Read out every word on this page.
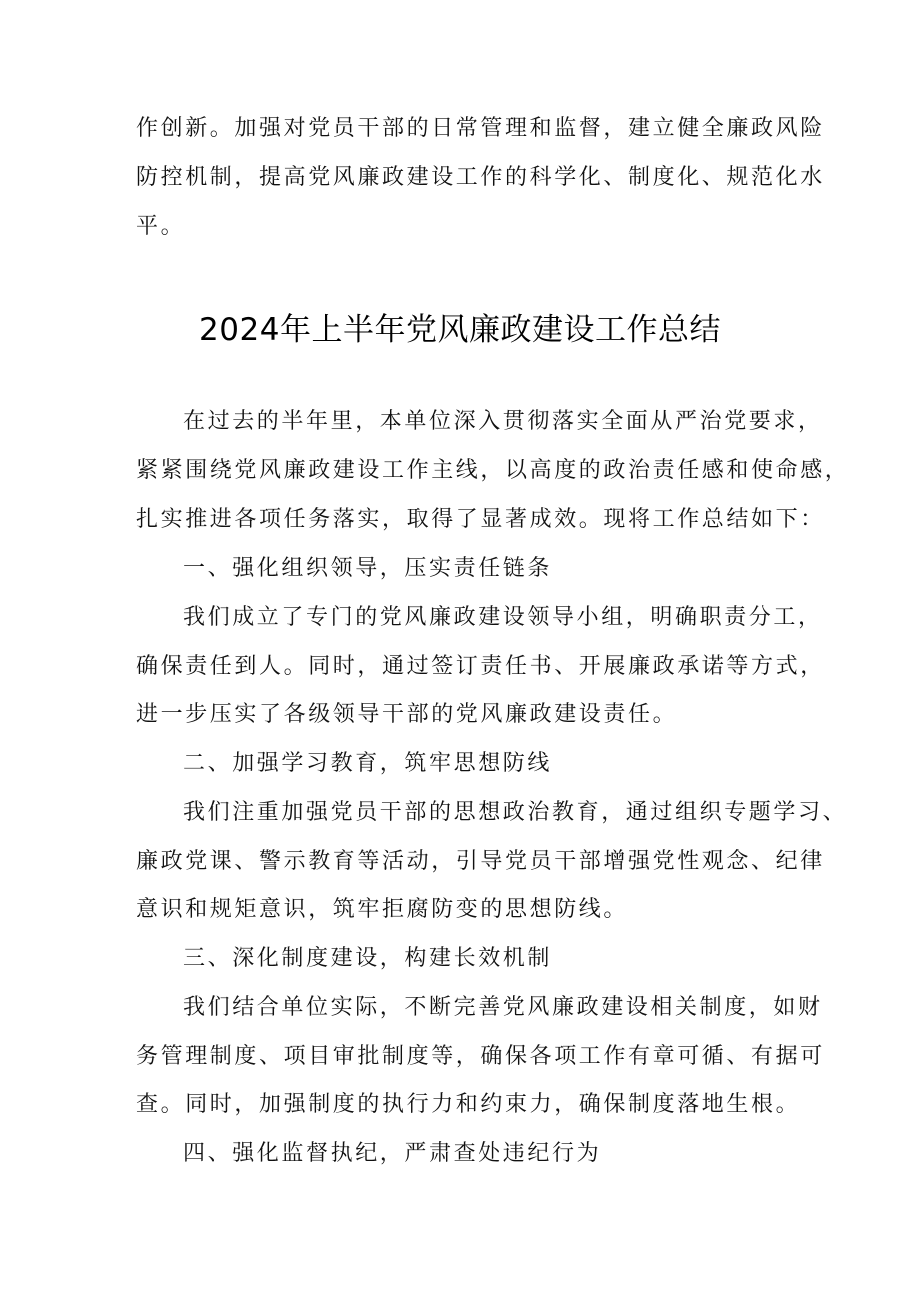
作创新。加强对党员干部的日常管理和监督，建立健全廉政风险
防控机制，提高党风廉政建设工作的科学化、制度化、规范化水
平。
2024年上半年党风廉政建设工作总结
在过去的半年里，本单位深入贯彻落实全面从严治党要求，
紧紧围绕党风廉政建设工作主线，以高度的政治责任感和使命感，
扎实推进各项任务落实，取得了显著成效。现将工作总结如下：
一、强化组织领导，压实责任链条
我们成立了专门的党风廉政建设领导小组，明确职责分工，
确保责任到人。同时，通过签订责任书、开展廉政承诺等方式，
进一步压实了各级领导干部的党风廉政建设责任。
二、加强学习教育，筑牢思想防线
我们注重加强党员干部的思想政治教育，通过组织专题学习、
廉政党课、警示教育等活动，引导党员干部增强党性观念、纪律
意识和规矩意识，筑牢拒腐防变的思想防线。
三、深化制度建设，构建长效机制
我们结合单位实际，不断完善党风廉政建设相关制度，如财
务管理制度、项目审批制度等，确保各项工作有章可循、有据可
查。同时，加强制度的执行力和约束力，确保制度落地生根。
四、强化监督执纪，严肃查处违纪行为
